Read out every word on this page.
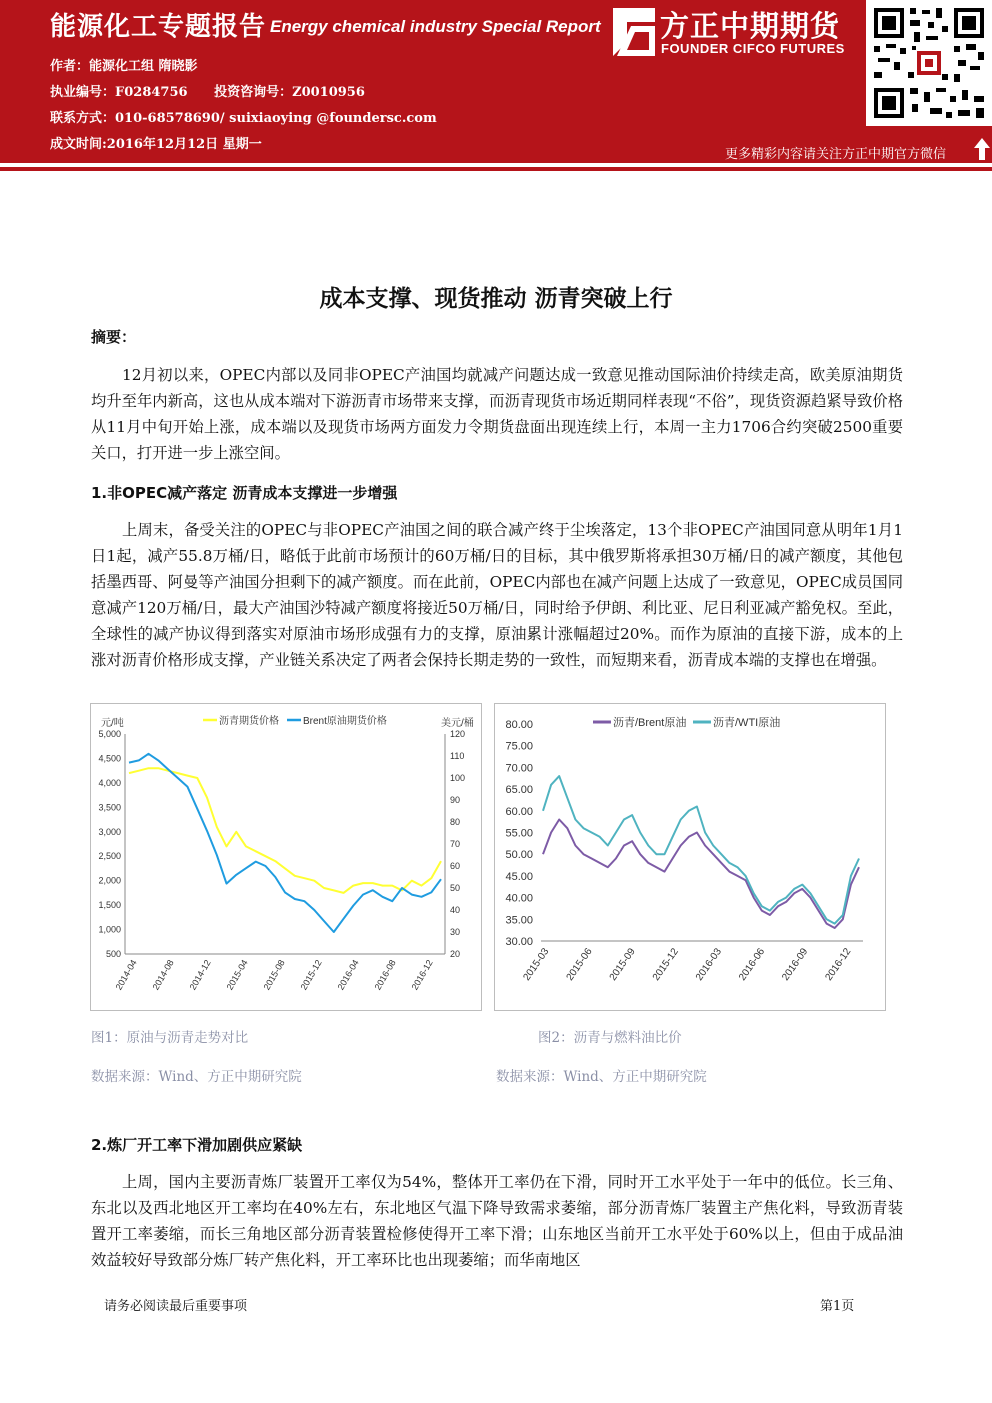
能源化工专题报告 Energy chemical industry Special Report
作者：能源化工组 隋晓影
执业编号：F0284756 投资咨询号：Z0010956
联系方式：010-68578690/ suixiaoying @foundersc.com
成文时间:2016年12月12日 星期一
方正中期期货
FOUNDER CIFCO FUTURES
更多精彩内容请关注方正中期官方微信
成本支撑、现货推动 沥青突破上行
摘要：

12月初以来，OPEC内部以及同非OPEC产油国均就减产问题达成一致意见推动国际油价持续走高，欧美原油期货均升至年内新高，这也从成本端对下游沥青市场带来支撑，而沥青现货市场近期同样表现“不俗”，现货资源趋紧导致价格从11月中旬开始上涨，成本端以及现货市场两方面发力令期货盘面出现连续上行，本周一主力1706合约突破2500重要关口，打开进一步上涨空间。

1.非OPEC减产落定 沥青成本支撑进一步增强

上周末，备受关注的OPEC与非OPEC产油国之间的联合减产终于尘埃落定，13个非OPEC产油国同意从明年1月1日1起，减产55.8万桶/日，略低于此前市场预计的60万桶/日的目标，其中俄罗斯将承担30万桶/日的减产额度，其他包括墨西哥、阿曼等产油国分担剩下的减产额度。而在此前，OPEC内部也在减产问题上达成了一致意见，OPEC成员国同意减产120万桶/日，最大产油国沙特减产额度将接近50万桶/日，同时给予伊朗、利比亚、尼日利亚减产豁免权。至此，全球性的减产协议得到落实对原油市场形成强有力的支撑，原油累计涨幅超过20%。而作为原油的直接下游，成本的上涨对沥青价格形成支撑，产业链关系决定了两者会保持长期走势的一致性，而短期来看，沥青成本端的支撑也在增强。

元/吨	美元/桶
5,000
4,500
4,000
3,500
3,000
2,500
2,000
1,500
1,000
500
120
110
100
90
80
70
60
50
40
30
20
2014-04 2014-08 2014-12 2015-04 2015-08 2015-12 2016-04 2016-08 2016-12
沥青期货价格 Brent原油期货价格	80.00
75.00
70.00
65.00
60.00
55.00
50.00
45.00
40.00
35.00
30.00
2015-03 2015-06 2015-09 2015-12 2016-03 2016-06 2016-09 2016-12
沥青/Brent原油 沥青/WTI原油
图1：原油与沥青走势对比	图2：沥青与燃料油比价
数据来源：Wind、方正中期研究院	数据来源：Wind、方正中期研究院
2.炼厂开工率下滑加剧供应紧缺

上周，国内主要沥青炼厂装置开工率仅为54%，整体开工率仍在下滑，同时开工水平处于一年中的低位。长三角、东北以及西北地区开工率均在40%左右，东北地区气温下降导致需求萎缩，部分沥青炼厂装置主产焦化料，导致沥青装置开工率萎缩，而长三角地区部分沥青装置检修使得开工率下滑；山东地区当前开工水平处于60%以上，但由于成品油效益较好导致部分炼厂转产焦化料，开工率环比也出现萎缩；而华南地区

请务必阅读最后重要事项	第1页
